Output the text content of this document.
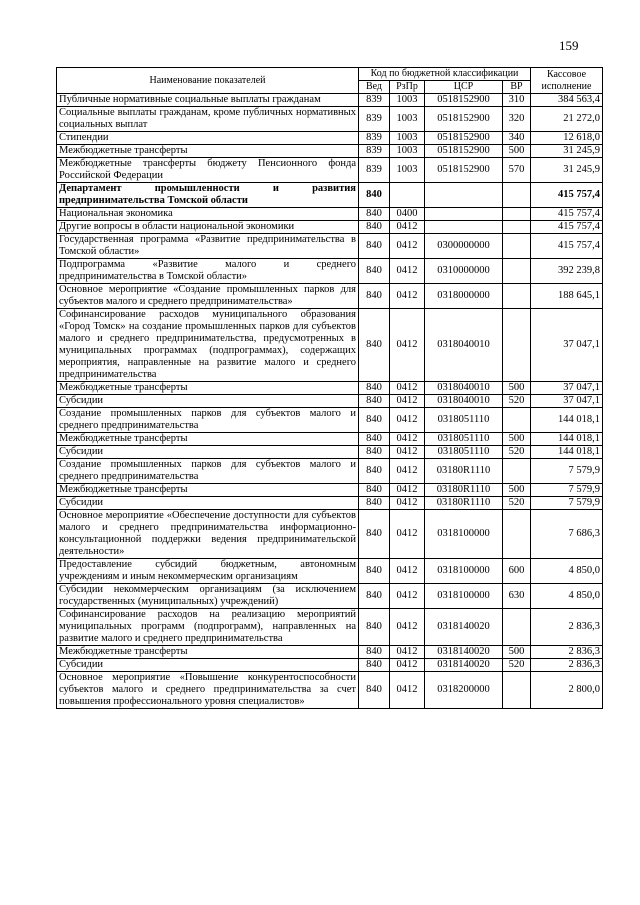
159
Наименование показателей	Код по бюджетной классификации				Кассовое исполнение
	Вед	РзПр	ЦСР	ВР	
Публичные нормативные социальные выплаты гражданам	839	1003	0518152900	310	384 563,4
Социальные выплаты гражданам, кроме публичных нормативных социальных выплат	839	1003	0518152900	320	21 272,0
Стипендии	839	1003	0518152900	340	12 618,0
Межбюджетные трансферты	839	1003	0518152900	500	31 245,9
Межбюджетные трансферты бюджету Пенсионного фонда Российской Федерации	839	1003	0518152900	570	31 245,9
Департамент промышленности и развития предпринимательства Томской области	840				415 757,4
Национальная экономика	840	0400			415 757,4
Другие вопросы в области национальной экономики	840	0412			415 757,4
Государственная программа «Развитие предпринимательства в Томской области»	840	0412	0300000000		415 757,4
Подпрограмма «Развитие малого и среднего предпринимательства в Томской области»	840	0412	0310000000		392 239,8
Основное мероприятие «Создание промышленных парков для субъектов малого и среднего предпринимательства»	840	0412	0318000000		188 645,1
Софинансирование расходов муниципального образования «Город Томск» на создание промышленных парков для субъектов малого и среднего предпринимательства, предусмотренных в муниципальных программах (подпрограммах), содержащих мероприятия, направленные на развитие малого и среднего предпринимательства	840	0412	0318040010		37 047,1
Межбюджетные трансферты	840	0412	0318040010	500	37 047,1
Субсидии	840	0412	0318040010	520	37 047,1
Создание промышленных парков для субъектов малого и среднего предпринимательства	840	0412	0318051110		144 018,1
Межбюджетные трансферты	840	0412	0318051110	500	144 018,1
Субсидии	840	0412	0318051110	520	144 018,1
Создание промышленных парков для субъектов малого и среднего предпринимательства	840	0412	03180R1110		7 579,9
Межбюджетные трансферты	840	0412	03180R1110	500	7 579,9
Субсидии	840	0412	03180R1110	520	7 579,9
Основное мероприятие «Обеспечение доступности для субъектов малого и среднего предпринимательства информационно-консультационной поддержки ведения предпринимательской деятельности»	840	0412	0318100000		7 686,3
Предоставление субсидий бюджетным, автономным учреждениям и иным некоммерческим организациям	840	0412	0318100000	600	4 850,0
Субсидии некоммерческим организациям (за исключением государственных (муниципальных) учреждений)	840	0412	0318100000	630	4 850,0
Софинансирование расходов на реализацию мероприятий муниципальных программ (подпрограмм), направленных на развитие малого и среднего предпринимательства	840	0412	0318140020		2 836,3
Межбюджетные трансферты	840	0412	0318140020	500	2 836,3
Субсидии	840	0412	0318140020	520	2 836,3
Основное мероприятие «Повышение конкурентоспособности субъектов малого и среднего предпринимательства за счет повышения профессионального уровня специалистов»	840	0412	0318200000		2 800,0
